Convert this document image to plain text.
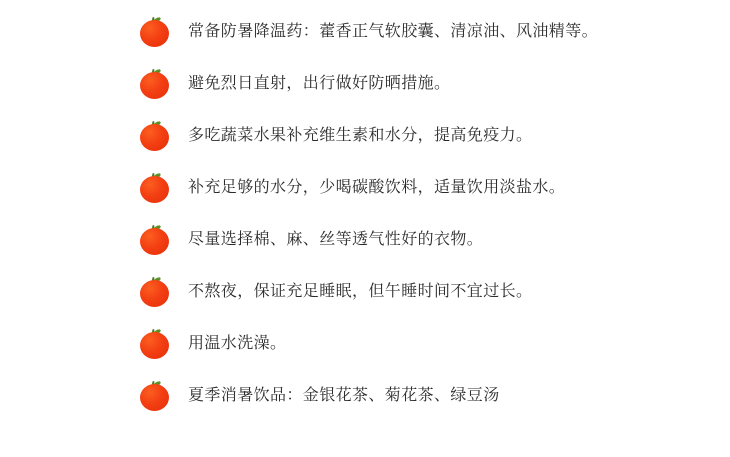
常备防暑降温药：藿香正气软胶囊、清凉油、风油精等。
避免烈日直射，出行做好防晒措施。
多吃蔬菜水果补充维生素和水分，提高免疫力。
补充足够的水分，少喝碳酸饮料，适量饮用淡盐水。
尽量选择棉、麻、丝等透气性好的衣物。
不熬夜，保证充足睡眠，但午睡时间不宜过长。
用温水洗澡。
夏季消暑饮品：金银花茶、菊花茶、绿豆汤
